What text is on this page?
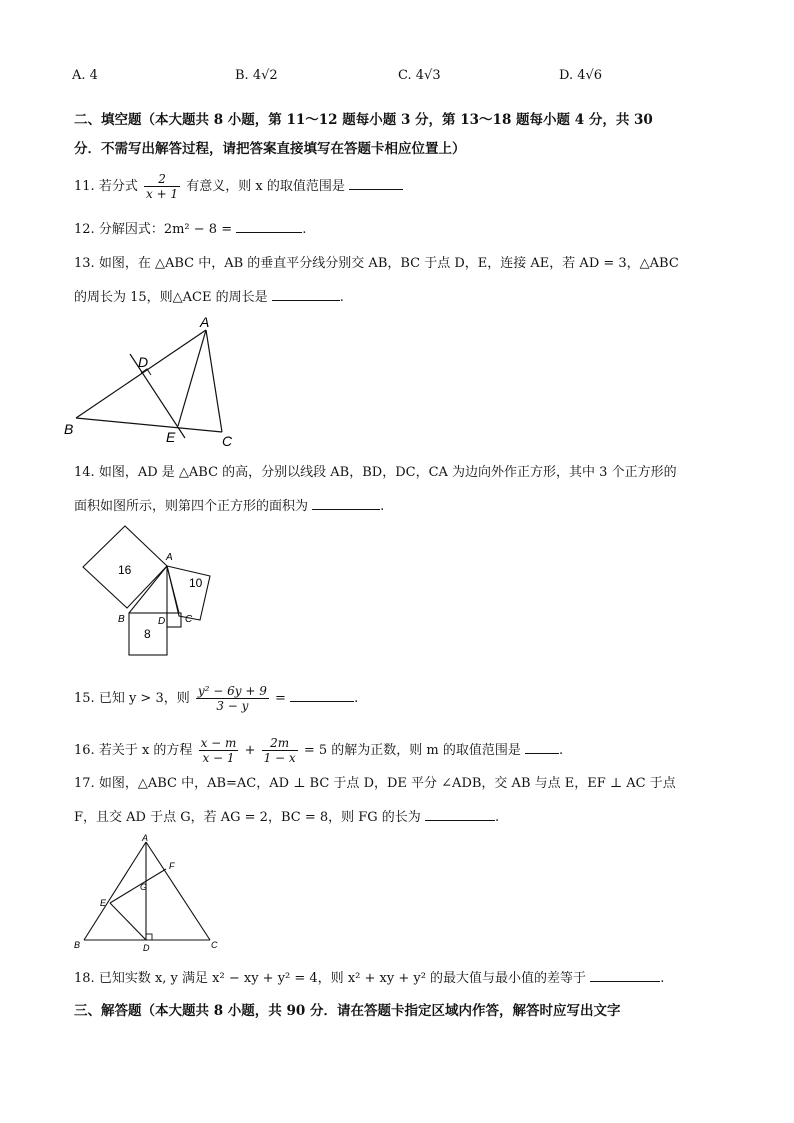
A. 4	B. 4√2	C. 4√3	D. 4√6
二、填空题（本大题共 8 小题，第 11～12 题每小题 3 分，第 13～18 题每小题 4 分，共 30
分．不需写出解答过程，请把答案直接填写在答题卡相应位置上）
11. 若分式 $\frac{2}{x + 1}$ 有意义，则 x 的取值范围是
12. 分解因式：2m² − 8 =	.
13. 如图，在 △ABC 中，AB 的垂直平分线分别交 AB，BC 于点 D，E，连接 AE，若 AD = 3，△ABC
的周长为 15，则△ACE 的周长是	.
A
B
C
D
E
14. 如图，AD 是 △ABC 的高，分别以线段 AB，BD，DC，CA 为边向外作正方形，其中 3 个正方形的
面积如图所示，则第四个正方形的面积为	.
16
10
8
A
B	C
D
15. 已知 y > 3，则 $\frac{\text{y² − 6y + 9}}{3 - y}$ =	.
16. 若关于 x 的方程 $\frac{x - m}{x - 1} + \frac{2m}{1 - x} = 5$ 的解为正数，则 m 的取值范围是	.
17. 如图，△ABC 中，AB=AC，AD ⊥ BC 于点 D，DE 平分 ∠ADB，交 AB 与点 E，EF ⊥ AC 于点
F，且交 AD 于点 G，若 AG = 2，BC = 8，则 FG 的长为	.
A
B	C
D
E
F
G
18. 已知实数 x, y 满足 x² − xy + y² = 4，则 x² + xy + y² 的最大值与最小值的差等于	.
三、解答题（本大题共 8 小题，共 90 分．请在答题卡指定区域内作答，解答时应写出文字
